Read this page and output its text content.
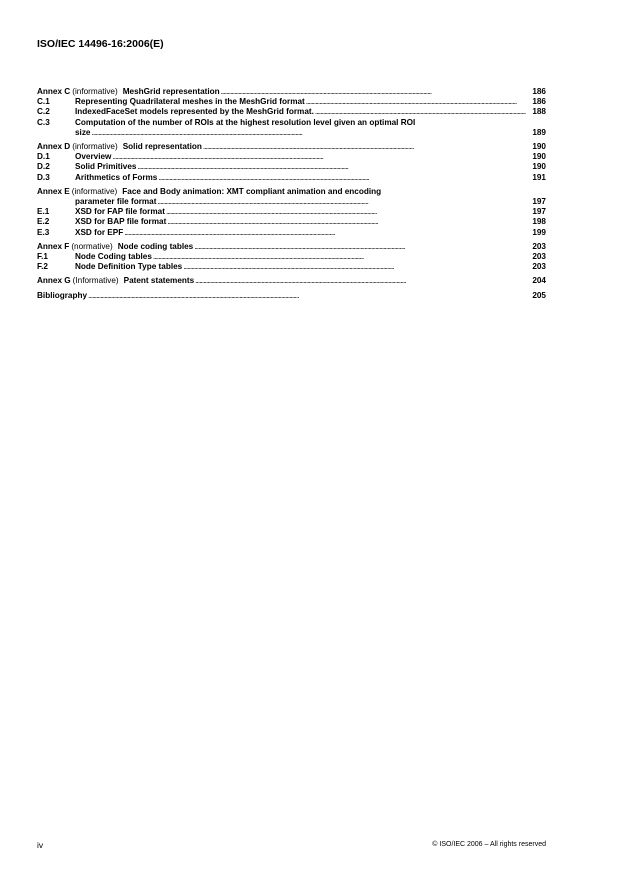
ISO/IEC 14496-16:2006(E)
Annex C (informative) MeshGrid representation . . .	186
C.1	Representing Quadrilateral meshes in the MeshGrid format . . .	186
C.2	IndexedFaceSet models represented by the MeshGrid format. . . .	188
C.3	Computation of the number of ROIs at the highest resolution level given an optimal ROI
size . . .	189
Annex D (informative) Solid representation . . .	190
D.1	Overview . . .	190
D.2	Solid Primitives . . .	190
D.3	Arithmetics of Forms . . .	191
Annex E (informative) Face and Body animation: XMT compliant animation and encoding
parameter file format . . .	197
E.1	XSD for FAP file format . . .	197
E.2	XSD for BAP file format . . .	198
E.3	XSD for EPF . . .	199
Annex F (normative) Node coding tables . . .	203
F.1	Node Coding tables . . .	203
F.2	Node Definition Type tables . . .	203
Annex G (Informative) Patent statements . . .	204
Bibliography . . .	205
iv	© ISO/IEC 2006 – All rights reserved
